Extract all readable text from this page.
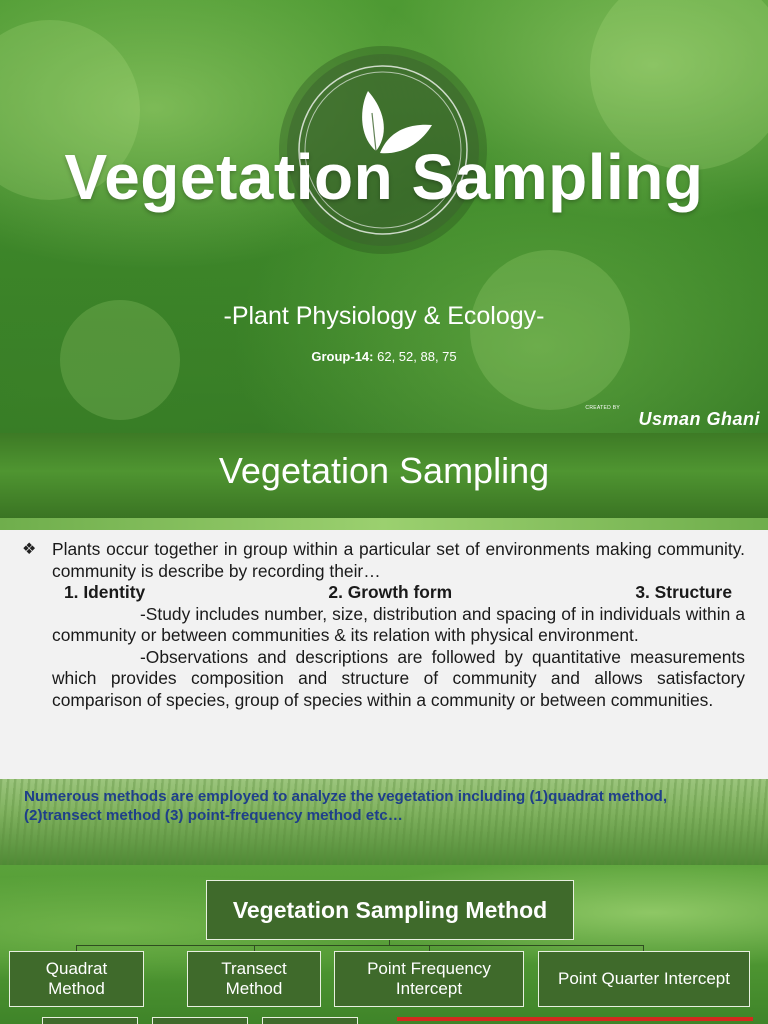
Vegetation Sampling
-Plant Physiology & Ecology-
Group-14: 62, 52, 88, 75
CREATED BY
Usman Ghani
Vegetation Sampling
❖ Plants occur together in group within a particular set of environments making community. community is describe by recording their…

1. Identity	2. Growth form	3. Structure

-Study includes number, size, distribution and spacing of in individuals within a community or between communities & its relation with physical environment.

-Observations and descriptions are followed by quantitative measurements which provides composition and structure of community and allows satisfactory comparison of species, group of species within a community or between communities.

Numerous methods are employed to analyze the vegetation including (1)quadrat method, (2)transect method (3) point-frequency method etc…
Vegetation Sampling Method
Quadrat
Method
Transect
Method
Point Frequency
Intercept
Point Quarter Intercept
